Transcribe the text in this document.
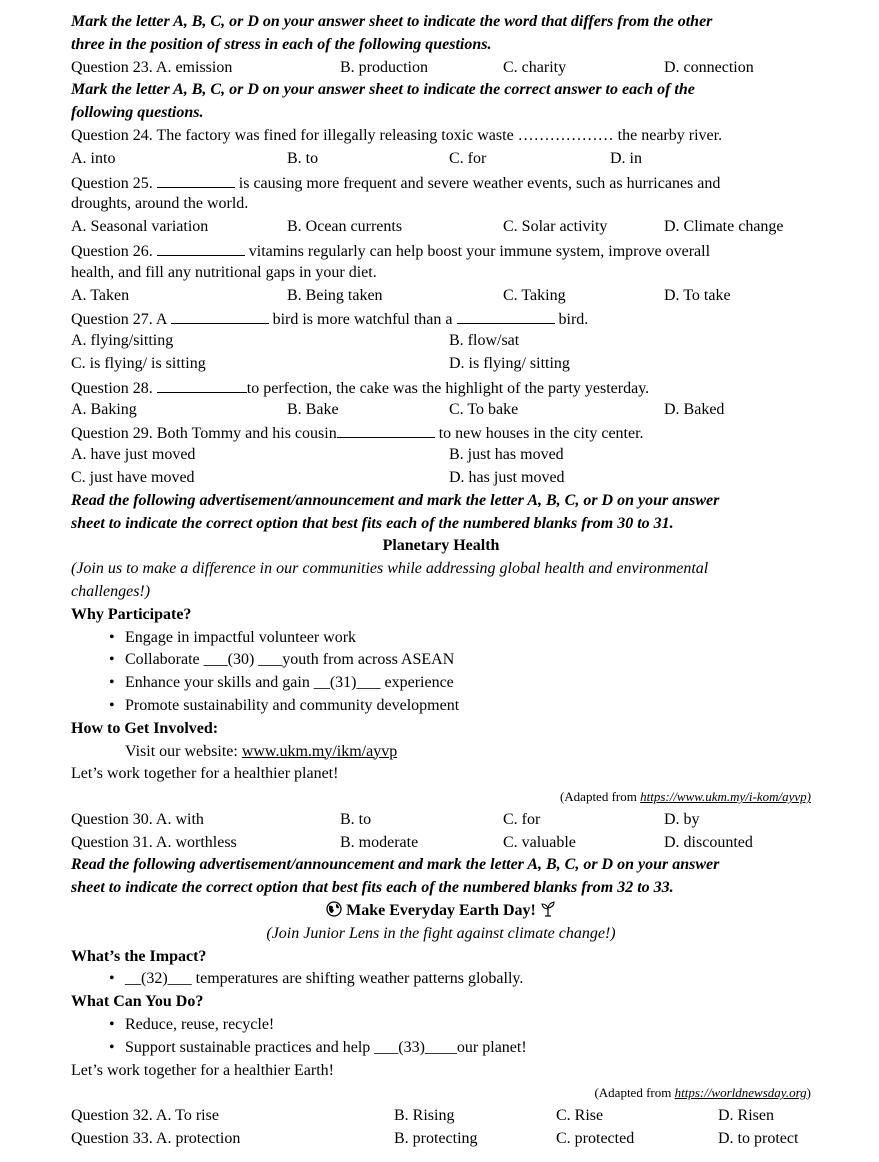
Mark the letter A, B, C, or D on your answer sheet to indicate the word that differs from the other
three in the position of stress in each of the following questions.
Question 23. A. emission	B. production	C. charity	D. connection
Mark the letter A, B, C, or D on your answer sheet to indicate the correct answer to each of the
following questions.
Question 24. The factory was fined for illegally releasing toxic waste ……………… the nearby river.
A. into	B. to	C. for	D. in
Question 25.	is causing more frequent and severe weather events, such as hurricanes and
droughts, around the world.
A. Seasonal variation	B. Ocean currents	C. Solar activity	D. Climate change
Question 26.	vitamins regularly can help boost your immune system, improve overall
health, and fill any nutritional gaps in your diet.
A. Taken	B. Being taken	C. Taking	D. To take
Question 27. A	bird is more watchful than a	bird.
A. flying/sitting	B. flow/sat
C. is flying/ is sitting	D. is flying/ sitting
Question 28.	to perfection, the cake was the highlight of the party yesterday.
A. Baking	B. Bake	C. To bake	D. Baked
Question 29. Both Tommy and his cousin	to new houses in the city center.
A. have just moved	B. just has moved
C. just have moved	D. has just moved
Read the following advertisement/announcement and mark the letter A, B, C, or D on your answer
sheet to indicate the correct option that best fits each of the numbered blanks from 30 to 31.
Planetary Health
(Join us to make a difference in our communities while addressing global health and environmental
challenges!)
Why Participate?
• Engage in impactful volunteer work
• Collaborate ___(30) ___youth from across ASEAN
• Enhance your skills and gain __(31)___ experience
• Promote sustainability and community development
How to Get Involved:
Visit our website: www.ukm.my/ikm/ayvp
Let’s work together for a healthier planet!
(Adapted from https://www.ukm.my/i-kom/ayvp)
Question 30. A. with	B. to	C. for	D. by
Question 31. A. worthless	B. moderate	C. valuable	D. discounted
Read the following advertisement/announcement and mark the letter A, B, C, or D on your answer
sheet to indicate the correct option that best fits each of the numbered blanks from 32 to 33.
Make Everyday Earth Day!
(Join Junior Lens in the fight against climate change!)
What’s the Impact?
• __(32)___ temperatures are shifting weather patterns globally.
What Can You Do?
• Reduce, reuse, recycle!
• Support sustainable practices and help ___(33)____our planet!
Let’s work together for a healthier Earth!
(Adapted from https://worldnewsday.org)
Question 32. A. To rise	B. Rising	C. Rise	D. Risen
Question 33. A. protection	B. protecting	C. protected	D. to protect
